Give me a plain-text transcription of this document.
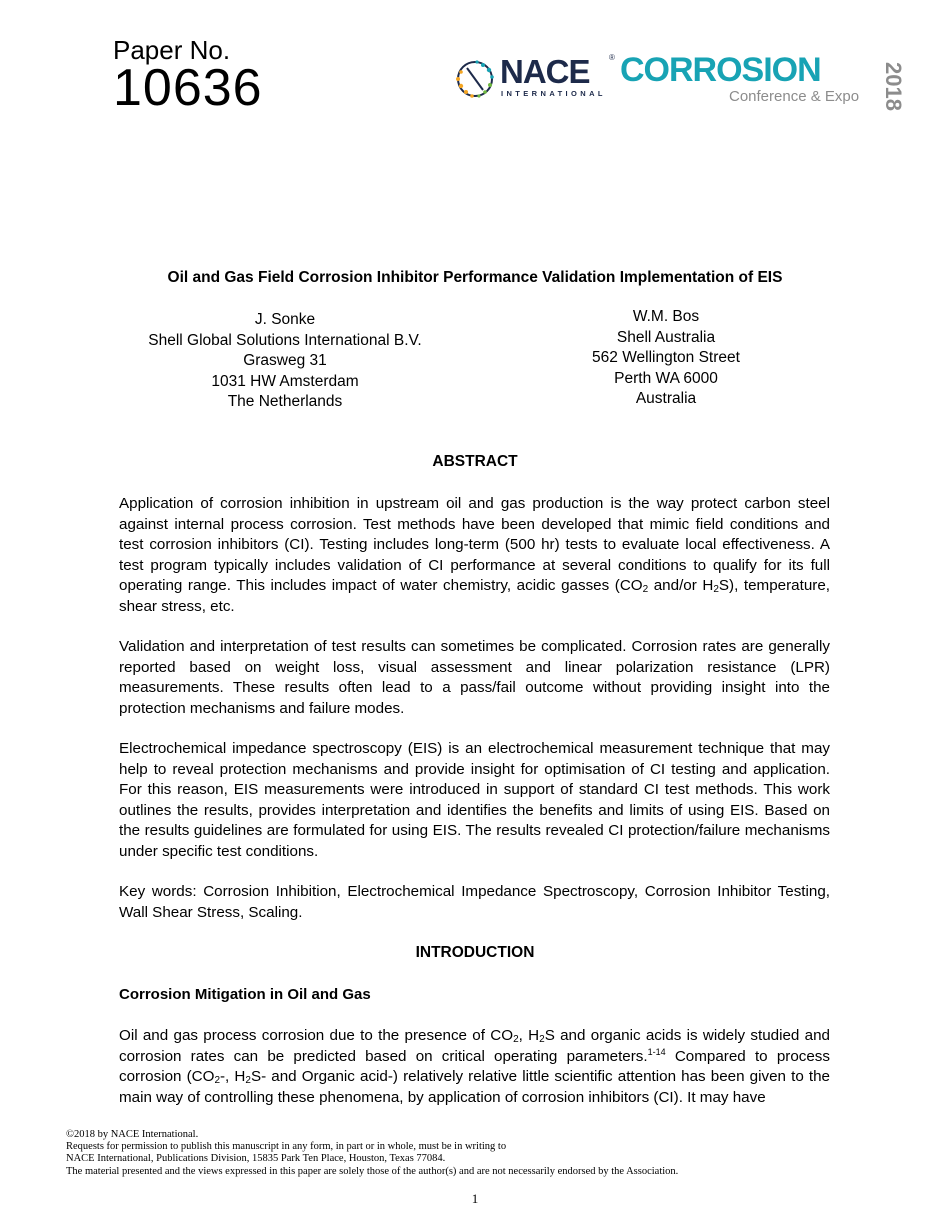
Paper No.
10636	NACE ®
INTERNATIONAL
CORROSION
Conference & Expo 2018
Oil and Gas Field Corrosion Inhibitor Performance Validation Implementation of EIS
J. Sonke
Shell Global Solutions International B.V.
Grasweg 31
1031 HW Amsterdam
The Netherlands
W.M. Bos
Shell Australia
562 Wellington Street
Perth WA 6000
Australia
ABSTRACT
Application of corrosion inhibition in upstream oil and gas production is the way protect carbon steel against internal process corrosion. Test methods have been developed that mimic field conditions and test corrosion inhibitors (CI). Testing includes long-term (500 hr) tests to evaluate local effectiveness. A test program typically includes validation of CI performance at several conditions to qualify for its full operating range. This includes impact of water chemistry, acidic gasses ($CO_2$ and/or $H_2S$), temperature, shear stress, etc.
Validation and interpretation of test results can sometimes be complicated. Corrosion rates are generally reported based on weight loss, visual assessment and linear polarization resistance (LPR) measurements. These results often lead to a pass/fail outcome without providing insight into the protection mechanisms and failure modes.
Electrochemical impedance spectroscopy (EIS) is an electrochemical measurement technique that may help to reveal protection mechanisms and provide insight for optimisation of CI testing and application. For this reason, EIS measurements were introduced in support of standard CI test methods. This work outlines the results, provides interpretation and identifies the benefits and limits of using EIS. Based on the results guidelines are formulated for using EIS. The results revealed CI protection/failure mechanisms under specific test conditions.
Key words: Corrosion Inhibition, Electrochemical Impedance Spectroscopy, Corrosion Inhibitor Testing, Wall Shear Stress, Scaling.
INTRODUCTION
Corrosion Mitigation in Oil and Gas
Oil and gas process corrosion due to the presence of $CO_2$, $H_2S$ and organic acids is widely studied and corrosion rates can be predicted based on critical operating parameters.$^{1-14}$ Compared to process corrosion ($CO_2-$, $H_2S-$ and Organic acid-) relatively relative little scientific attention has been given to the main way of controlling these phenomena, by application of corrosion inhibitors (CI). It may have
©2018 by NACE International.
Requests for permission to publish this manuscript in any form, in part or in whole, must be in writing to
NACE International, Publications Division, 15835 Park Ten Place, Houston, Texas 77084.
The material presented and the views expressed in this paper are solely those of the author(s) and are not necessarily endorsed by the Association.
1
